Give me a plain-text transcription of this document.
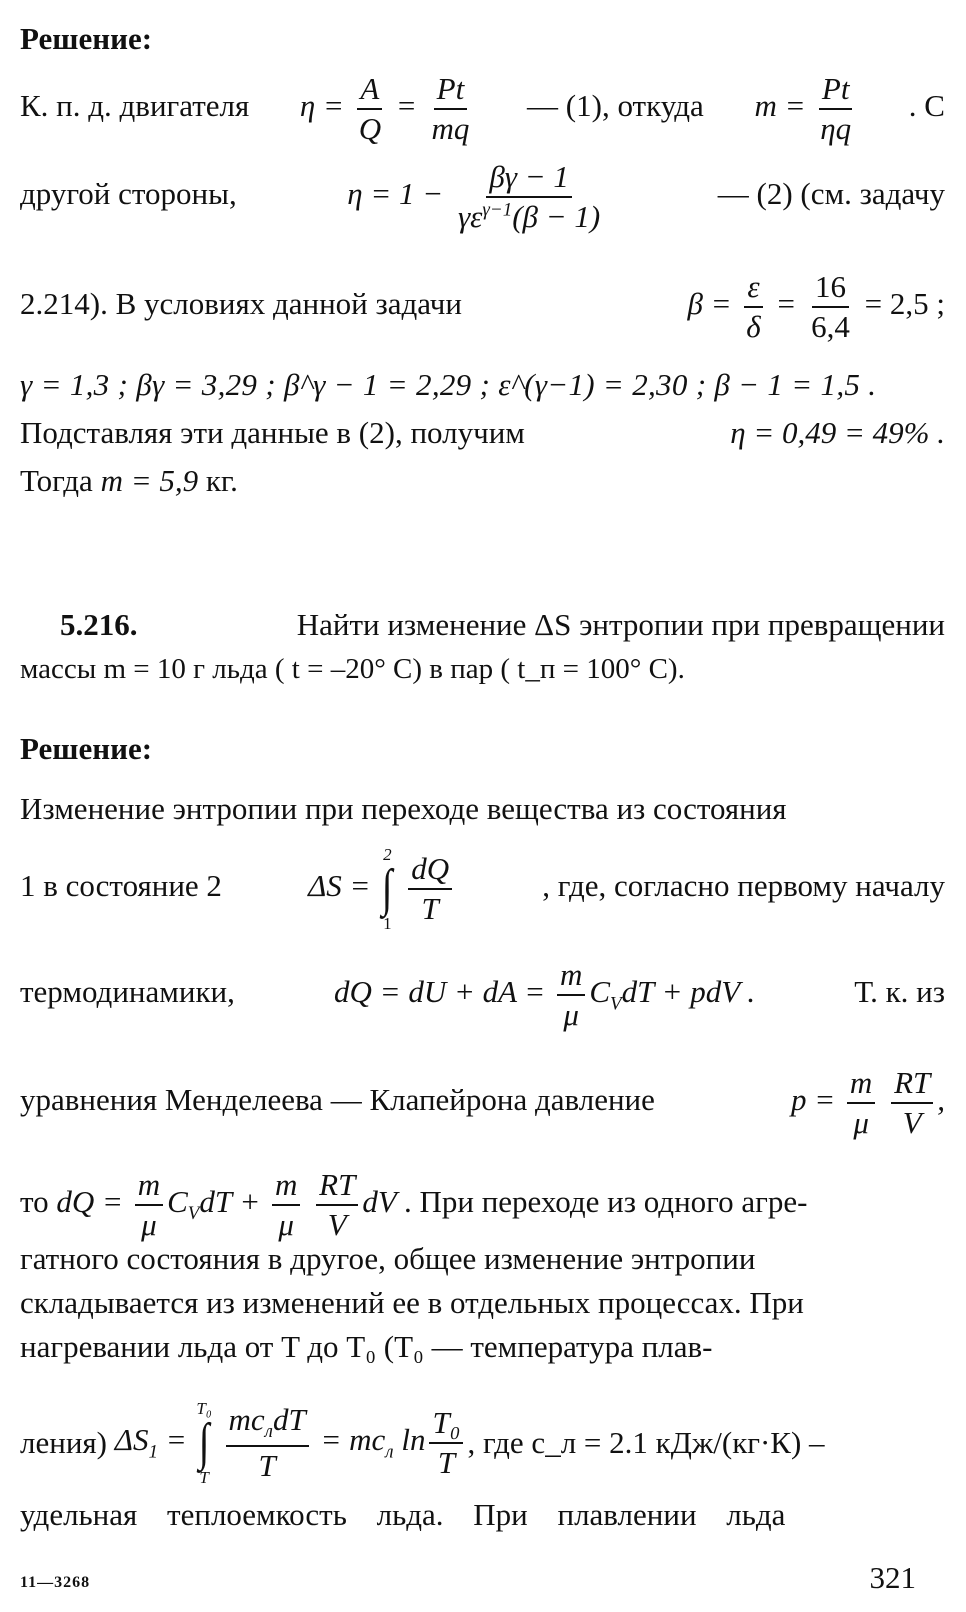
Решение:
К. п. д. двигателя $\eta = \frac{A}{Q} = \frac{Pt}{mq}$ — (1), откуда $m = \frac{Pt}{\eta q}$ . С
другой стороны,	$\eta = 1 - \frac{\beta\gamma - 1}{\gamma\varepsilon^{\gamma-1}(\beta - 1)}$	— (2) (см. задачу
2.214). В условиях данной задачи	$\beta = \frac{\varepsilon}{\delta} = \frac{16}{6,4} = 2,5$ ;
γ = 1,3 ; βγ = 3,29 ; β^γ − 1 = 2,29 ; ε^(γ−1) = 2,30 ; β − 1 = 1,5 .
Подставляя эти данные в (2), получим	η = 0,49 = 49% .
Тогда m = 5,9 кг.
5.216.	Найти изменение ΔS энтропии при превращении
массы m = 10 г льда ( t = –20° C) в пар ( t_п = 100° C).
Решение:
Изменение энтропии при переходе вещества из состояния
1 в состояние 2	ΔS =
2
∫
1
$\frac{dQ}{T}$	, где, согласно первому началу
термодинамики,	dQ = dU + dA = $\frac{m}{\mu} C_VdT$ + pdV .	Т. к. из
уравнения Менделеева — Клапейрона давление	$p = \frac{m}{\mu}$
$\frac{RT}{V}$ ,
то dQ = $\frac{m}{\mu} C_VdT + \frac{m}{\mu}$
$\frac{RT}{V}$ dV . При переходе из одного агре-
гатного состояния в другое, общее изменение энтропии
складывается из изменений ее в отдельных процессах. При
нагревании льда от T до T₀ (T₀ — температура плав-
ления) $\Delta S_1$ =
T₀
∫
T
$\frac{mc_лdT}{T} = mc_л$ $\ln \frac{\text{T₀}}{T}$ , где c_л = 2.1 кДж/(кг·К) –
удельная теплоемкость льда. При плавлении льда
11—3268	321
